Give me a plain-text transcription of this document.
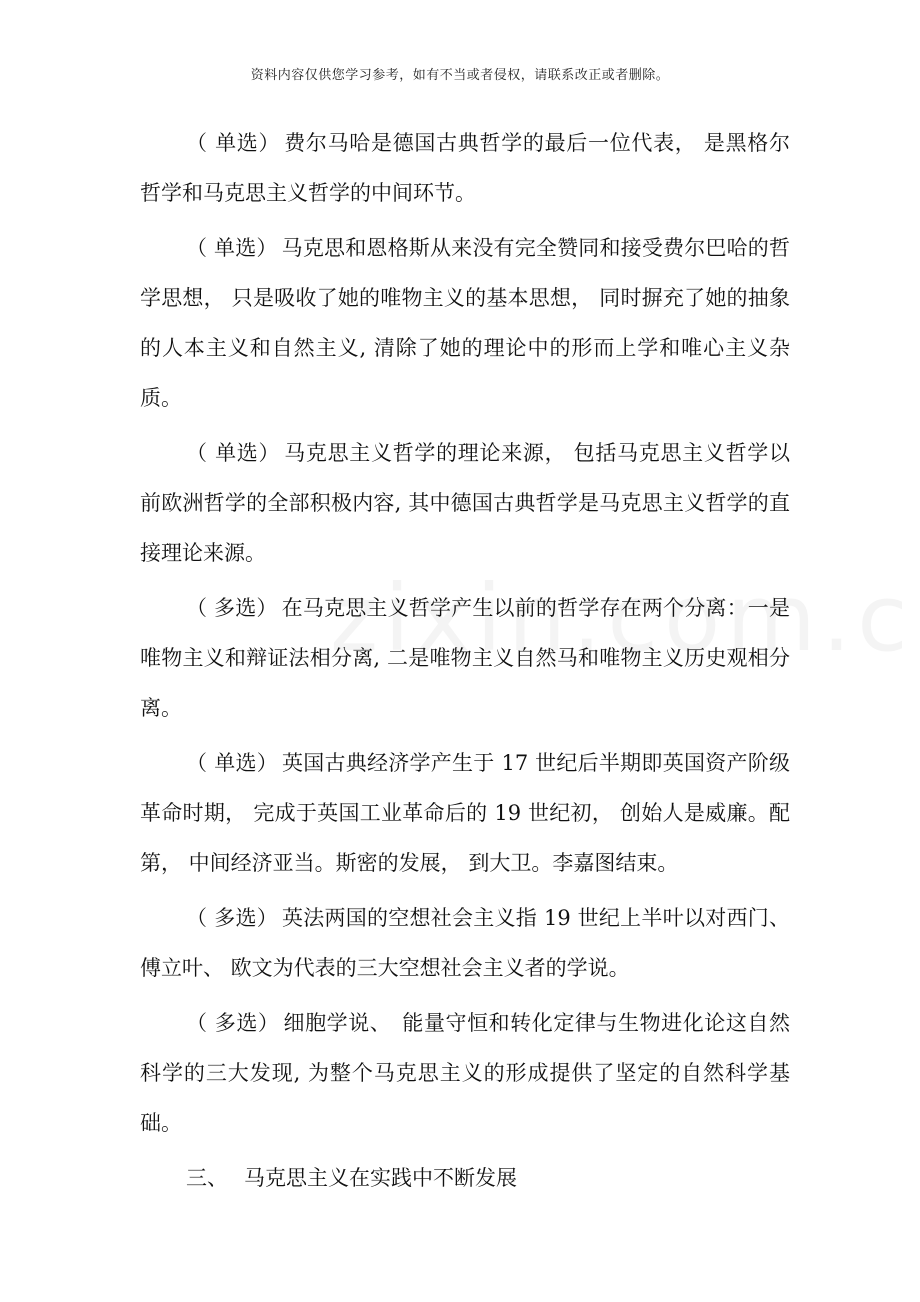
资料内容仅供您学习参考，如有不当或者侵权，请联系改正或者删除。

（ 单选） 费尔马哈是德国古典哲学的最后一位代表， 是黑格尔哲学和马克思主义哲学的中间环节。

（ 单选） 马克思和恩格斯从来没有完全赞同和接受费尔巴哈的哲学思想， 只是吸收了她的唯物主义的基本思想， 同时摒充了她的抽象的人本主义和自然主义, 清除了她的理论中的形而上学和唯心主义杂质。

（ 单选） 马克思主义哲学的理论来源， 包括马克思主义哲学以前欧洲哲学的全部积极内容, 其中德国古典哲学是马克思主义哲学的直接理论来源。

（ 多选） 在马克思主义哲学产生以前的哲学存在两个分离：一是唯物主义和辩证法相分离, 二是唯物主义自然马和唯物主义历史观相分离。

（ 单选） 英国古典经济学产生于 17 世纪后半期即英国资产阶级革命时期， 完成于英国工业革命后的 19 世纪初， 创始人是威廉。配第， 中间经济亚当。斯密的发展， 到大卫。李嘉图结束。

（ 多选） 英法两国的空想社会主义指 19 世纪上半叶以对西门、傅立叶、 欧文为代表的三大空想社会主义者的学说。

（ 多选） 细胞学说、　能量守恒和转化定律与生物进化论这自然科学的三大发现, 为整个马克思主义的形成提供了坚定的自然科学基础。

三、 马克思主义在实践中不断发展
